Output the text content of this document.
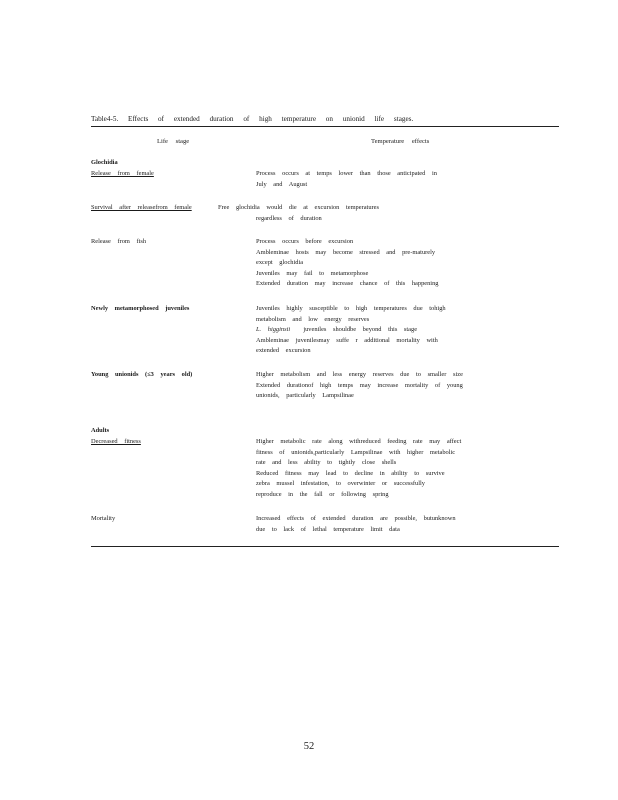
Table4-5. Effects of extended duration of high temperature on unionid life stages.
Life stage	Temperature effects
Glochidia
Release from female	Process occurs at temps lower than those anticipated in
July and August
Survival after releasefrom female	Free glochidia would die at excursion temperatures
regardless of duration
Release from fish	Process occurs before excursion
Ambleminae hosts may become stressed and pre-maturely
except glochidia
Juveniles may fail to metamorphose
Extended duration may increase chance of this happening
Newly metamorphosed juveniles	Juveniles highly susceptible to high temperatures due tohigh
metabolism and low energy reserves
L. higginsii juveniles shouldbe beyond this stage
Ambleminae juvenilesmay suffe r additional mortality with
extended excursion
Young unionids (≤3 years old)	Higher metabolism and less energy reserves due to smaller size
Extended durationof high temps may increase mortality of young
unionids, particularly Lampsilinae
Adults
Decreased fitness	Higher metabolic rate along withreduced feeding rate may affect
fitness of unionids,particularly Lampsilinae with higher metabolic
rate and less ability to tightly close shells
Reduced fitness may lead to decline in ability to survive
zebra mussel infestation, to overwinter or successfully
reproduce in the fall or following spring
Mortality	Increased effects of extended duration are possible, butunknown
due to lack of lethal temperature limit data
52
